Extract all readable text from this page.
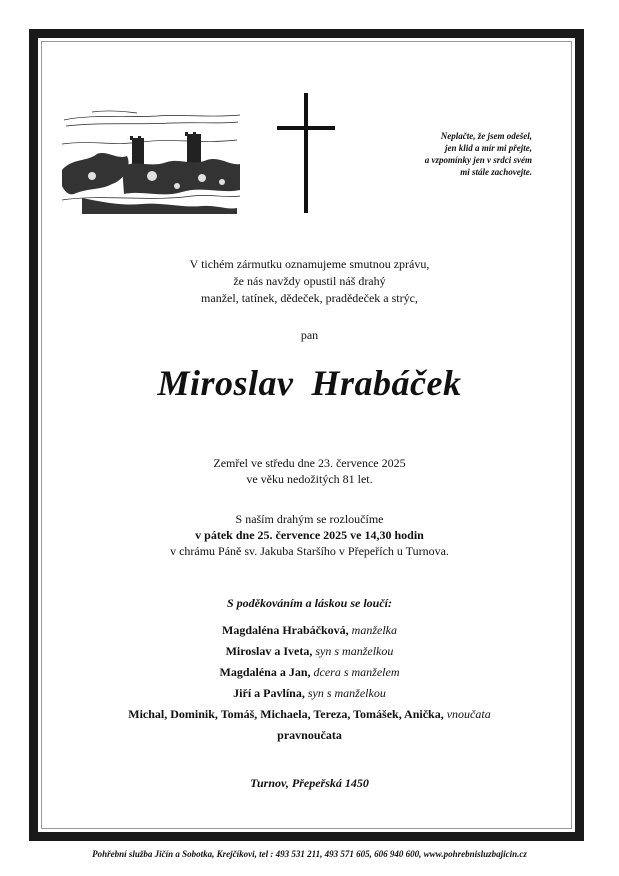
Neplačte, že jsem odešel,
jen klid a mír mi přejte,
a vzpomínky jen v srdci svém
mi stále zachovejte.
V tichém zármutku oznamujeme smutnou zprávu,
že nás navždy opustil náš drahý
manžel, tatínek, dědeček, pradědeček a strýc,
pan
Miroslav Hrabáček
Zemřel ve středu dne 23. července 2025
ve věku nedožitých 81 let.
S naším drahým se rozloučíme
v pátek dne 25. července 2025 ve 14,30 hodin
v chrámu Páně sv. Jakuba Staršího v Přepeřích u Turnova.
S poděkováním a láskou se loučí:
Magdaléna Hrabáčková, manželka
Miroslav a Iveta, syn s manželkou
Magdaléna a Jan, dcera s manželem
Jiří a Pavlína, syn s manželkou
Michal, Dominik, Tomáš, Michaela, Tereza, Tomášek, Anička, vnoučata
pravnoučata
Turnov, Přepeřská 1450
Pohřební služba Jičín a Sobotka, Krejčíkovi, tel : 493 531 211, 493 571 605, 606 940 600, www.pohrebnisluzbajicin.cz
